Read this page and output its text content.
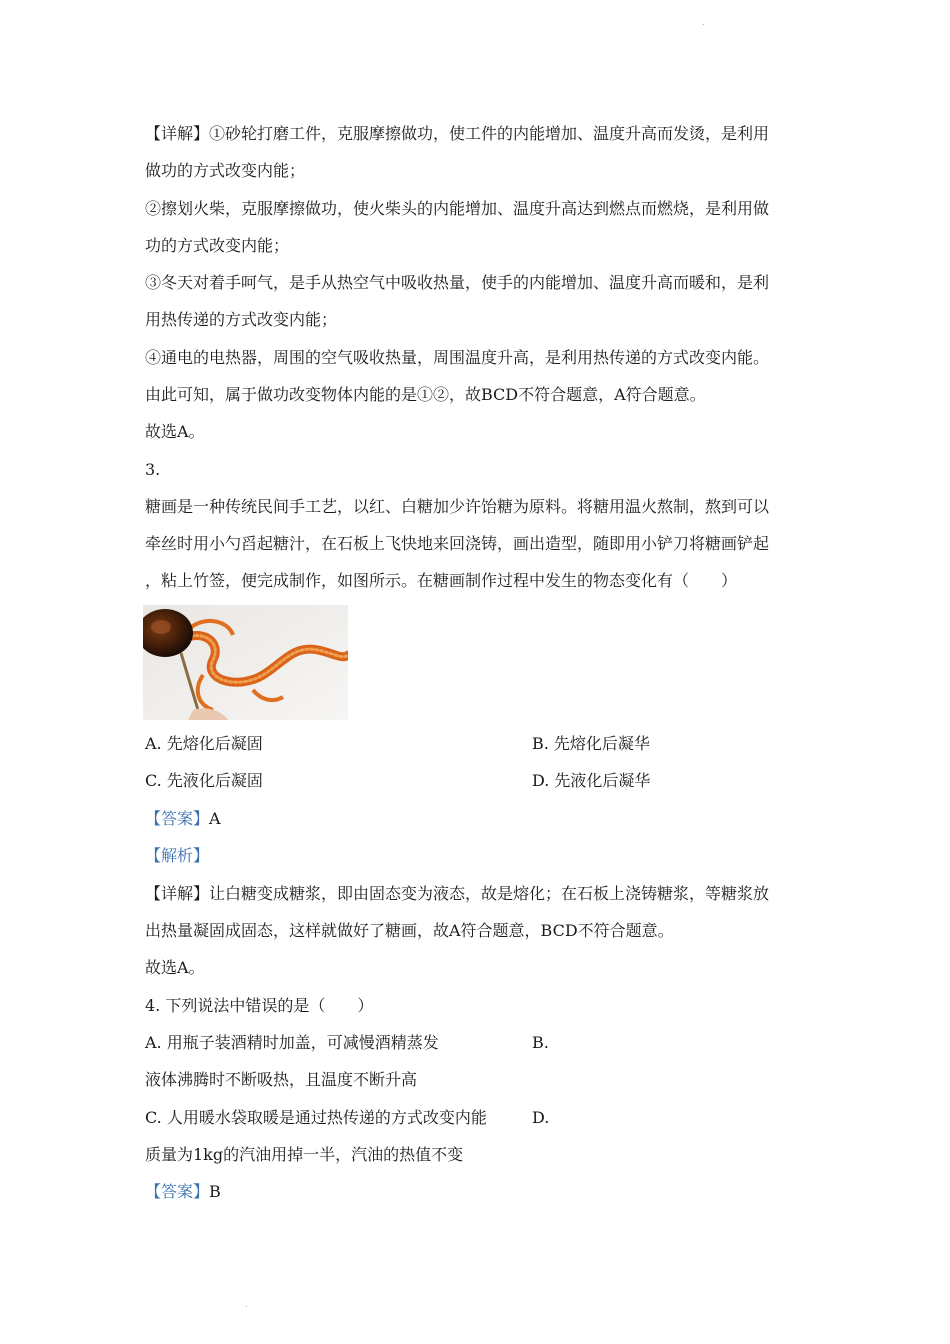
.
【详解】①砂轮打磨工件，克服摩擦做功，使工件的内能增加、温度升高而发烫，是利用
做功的方式改变内能；
②擦划火柴，克服摩擦做功，使火柴头的内能增加、温度升高达到燃点而燃烧，是利用做
功的方式改变内能；
③冬天对着手呵气，是手从热空气中吸收热量，使手的内能增加、温度升高而暖和，是利
用热传递的方式改变内能；
④通电的电热器，周围的空气吸收热量，周围温度升高，是利用热传递的方式改变内能。
由此可知，属于做功改变物体内能的是①②，故BCD不符合题意，A符合题意。
故选A。
3.
糖画是一种传统民间手工艺，以红、白糖加少许饴糖为原料。将糖用温火熬制，熬到可以
牵丝时用小勺舀起糖汁，在石板上飞快地来回浇铸，画出造型，随即用小铲刀将糖画铲起
，粘上竹签，便完成制作，如图所示。在糖画制作过程中发生的物态变化有（　　）
A. 先熔化后凝固	B. 先熔化后凝华
C. 先液化后凝固	D. 先液化后凝华
【答案】A
【解析】
【详解】让白糖变成糖浆，即由固态变为液态，故是熔化；在石板上浇铸糖浆，等糖浆放
出热量凝固成固态，这样就做好了糖画，故A符合题意，BCD不符合题意。
故选A。
4. 下列说法中错误的是（　　）
A. 用瓶子装酒精时加盖，可减慢酒精蒸发	B.
液体沸腾时不断吸热，且温度不断升高
C. 人用暖水袋取暖是通过热传递的方式改变内能	D.
质量为1kg的汽油用掉一半，汽油的热值不变
【答案】B
.
